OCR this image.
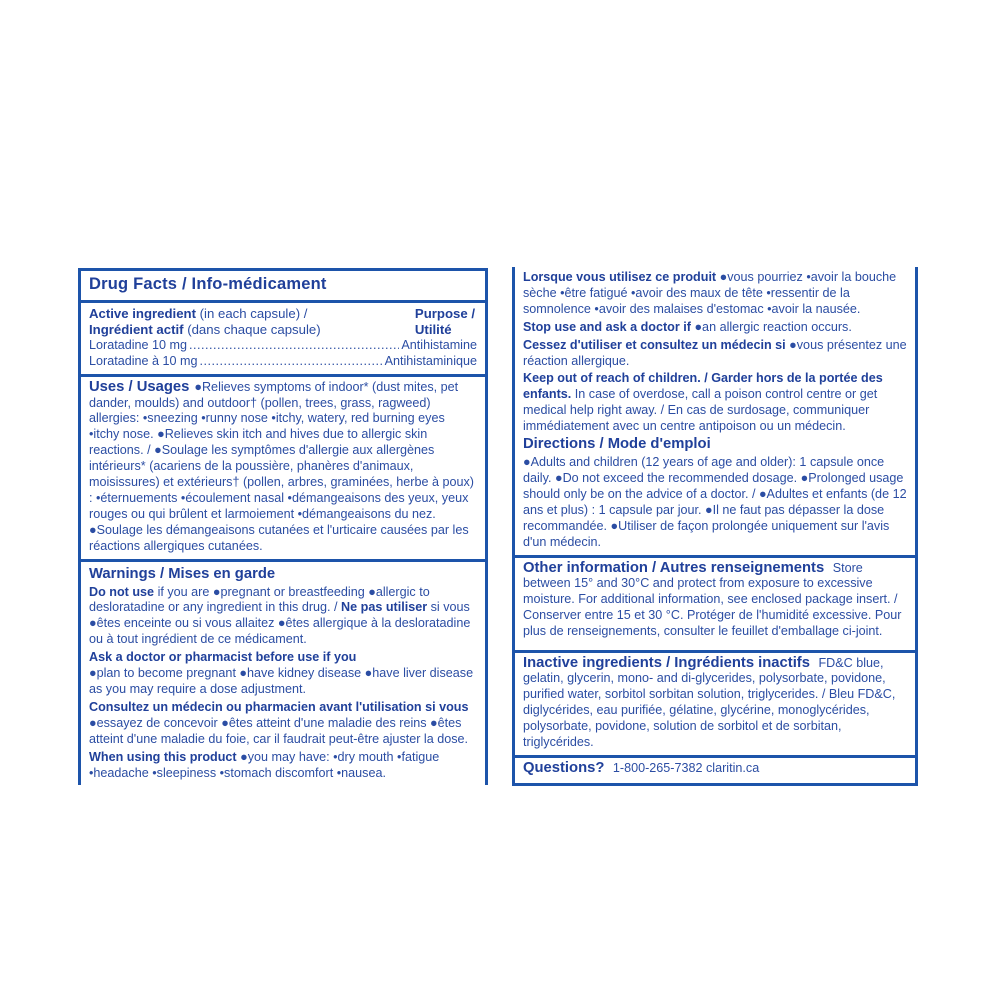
Drug Facts / Info-médicament
Active ingredient (in each capsule) /
Ingrédient actif (dans chaque capsule)
Purpose /
Utilité
Loratadine 10 mg .....	Antihistamine
Loratadine à 10 mg .....	Antihistaminique
Uses / Usages ●Relieves symptoms of indoor* (dust mites, pet dander, moulds) and outdoor† (pollen, trees, grass, ragweed) allergies: •sneezing •runny nose •itchy, watery, red burning eyes •itchy nose. ●Relieves skin itch and hives due to allergic skin reactions. / ●Soulage les symptômes d'allergie aux allergènes intérieurs* (acariens de la poussière, phanères d'animaux, moisissures) et extérieurs† (pollen, arbres, graminées, herbe à poux) : •éternuements •écoulement nasal •démangeaisons des yeux, yeux rouges ou qui brûlent et larmoiement •démangeaisons du nez. ●Soulage les démangeaisons cutanées et l'urticaire causées par les réactions allergiques cutanées.
Warnings / Mises en garde

Do not use if you are ●pregnant or breastfeeding ●allergic to desloratadine or any ingredient in this drug. / Ne pas utiliser si vous ●êtes enceinte ou si vous allaitez ●êtes allergique à la desloratadine ou à tout ingrédient de ce médicament.

Ask a doctor or pharmacist before use if you

●plan to become pregnant ●have kidney disease ●have liver disease as you may require a dose adjustment.

Consultez un médecin ou pharmacien avant l'utilisation si vous

●essayez de concevoir ●êtes atteint d'une maladie des reins ●êtes atteint d'une maladie du foie, car il faudrait peut-être ajuster la dose.

When using this product ●you may have: •dry mouth •fatigue •headache •sleepiness •stomach discomfort •nausea.

Lorsque vous utilisez ce produit ●vous pourriez •avoir la bouche sèche •être fatigué •avoir des maux de tête •ressentir de la somnolence •avoir des malaises d'estomac •avoir la nausée.

Stop use and ask a doctor if ●an allergic reaction occurs.

Cessez d'utiliser et consultez un médecin si ●vous présentez une réaction allergique.

Keep out of reach of children. / Garder hors de la portée des enfants. In case of overdose, call a poison control centre or get medical help right away. / En cas de surdosage, communiquer immédiatement avec un centre antipoison ou un médecin.

Directions / Mode d'emploi

●Adults and children (12 years of age and older): 1 capsule once daily. ●Do not exceed the recommended dosage. ●Prolonged usage should only be on the advice of a doctor. / ●Adultes et enfants (de 12 ans et plus) : 1 capsule par jour. ●Il ne faut pas dépasser la dose recommandée. ●Utiliser de façon prolongée uniquement sur l'avis d'un médecin.

Other information / Autres renseignements Store between 15° and 30°C and protect from exposure to excessive moisture. For additional information, see enclosed package insert. / Conserver entre 15 et 30 °C. Protéger de l'humidité excessive. Pour plus de renseignements, consulter le feuillet d'emballage ci-joint.
Inactive ingredients / Ingrédients inactifs FD&C blue, gelatin, glycerin, mono- and di-glycerides, polysorbate, povidone, purified water, sorbitol sorbitan solution, triglycerides. / Bleu FD&C, diglycérides, eau purifiée, gélatine, glycérine, monoglycérides, polysorbate, povidone, solution de sorbitol et de sorbitan, triglycérides.
Questions? 1-800-265-7382 claritin.ca
